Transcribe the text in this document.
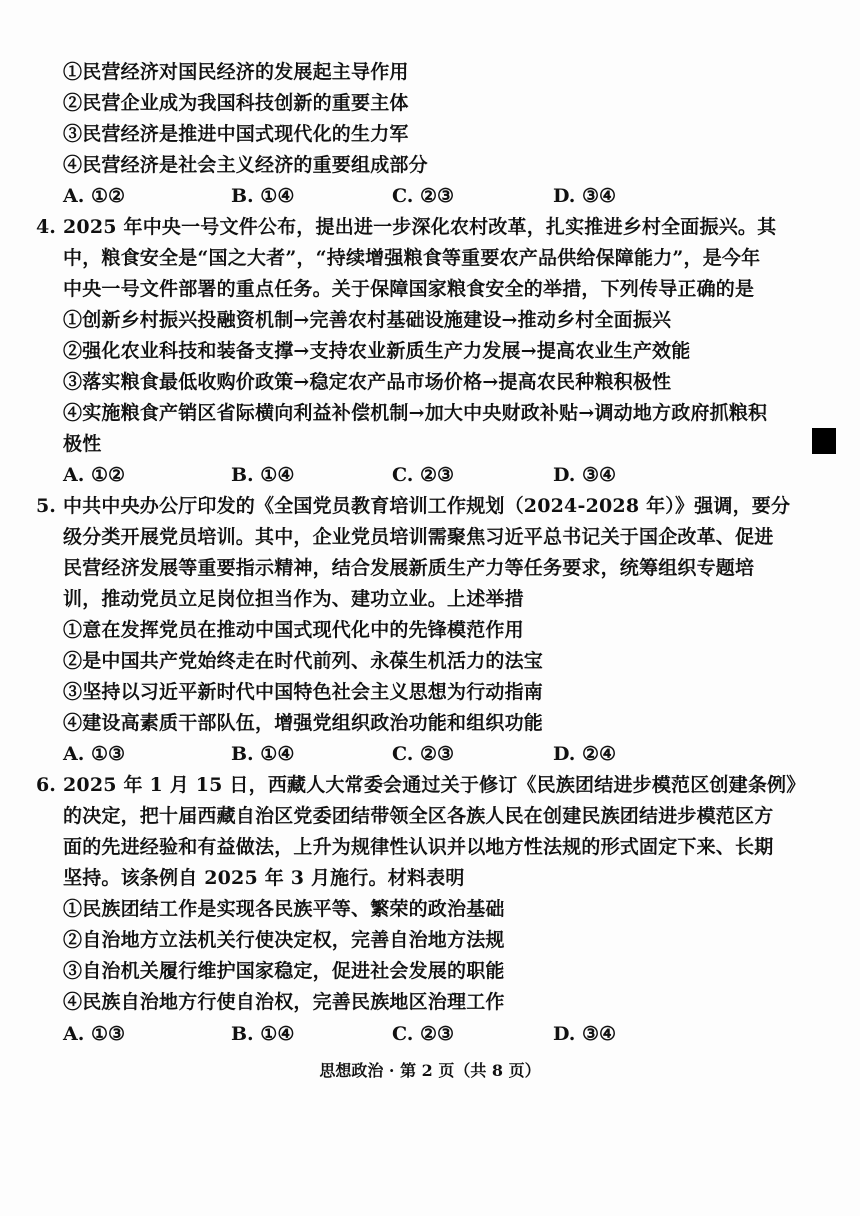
①民营经济对国民经济的发展起主导作用
②民营企业成为我国科技创新的重要主体
③民营经济是推进中国式现代化的生力军
④民营经济是社会主义经济的重要组成部分
A. ①②	B. ①④	C. ②③	D. ③④
4. 2025 年中央一号文件公布，提出进一步深化农村改革，扎实推进乡村全面振兴。其
中，粮食安全是“国之大者”，“持续增强粮食等重要农产品供给保障能力”，是今年
中央一号文件部署的重点任务。关于保障国家粮食安全的举措，下列传导正确的是
①创新乡村振兴投融资机制→完善农村基础设施建设→推动乡村全面振兴
②强化农业科技和装备支撑→支持农业新质生产力发展→提高农业生产效能
③落实粮食最低收购价政策→稳定农产品市场价格→提高农民种粮积极性
④实施粮食产销区省际横向利益补偿机制→加大中央财政补贴→调动地方政府抓粮积
极性
A. ①②	B. ①④	C. ②③	D. ③④
5. 中共中央办公厅印发的《全国党员教育培训工作规划（2024-2028 年）》强调，要分
级分类开展党员培训。其中，企业党员培训需聚焦习近平总书记关于国企改革、促进
民营经济发展等重要指示精神，结合发展新质生产力等任务要求，统筹组织专题培
训，推动党员立足岗位担当作为、建功立业。上述举措
①意在发挥党员在推动中国式现代化中的先锋模范作用
②是中国共产党始终走在时代前列、永葆生机活力的法宝
③坚持以习近平新时代中国特色社会主义思想为行动指南
④建设高素质干部队伍，增强党组织政治功能和组织功能
A. ①③	B. ①④	C. ②③	D. ②④
6. 2025 年 1 月 15 日，西藏人大常委会通过关于修订《民族团结进步模范区创建条例》
的决定，把十届西藏自治区党委团结带领全区各族人民在创建民族团结进步模范区方
面的先进经验和有益做法，上升为规律性认识并以地方性法规的形式固定下来、长期
坚持。该条例自 2025 年 3 月施行。材料表明
①民族团结工作是实现各民族平等、繁荣的政治基础
②自治地方立法机关行使决定权，完善自治地方法规
③自治机关履行维护国家稳定，促进社会发展的职能
④民族自治地方行使自治权，完善民族地区治理工作
A. ①③	B. ①④	C. ②③	D. ③④
思想政治 · 第 2 页（共 8 页）
